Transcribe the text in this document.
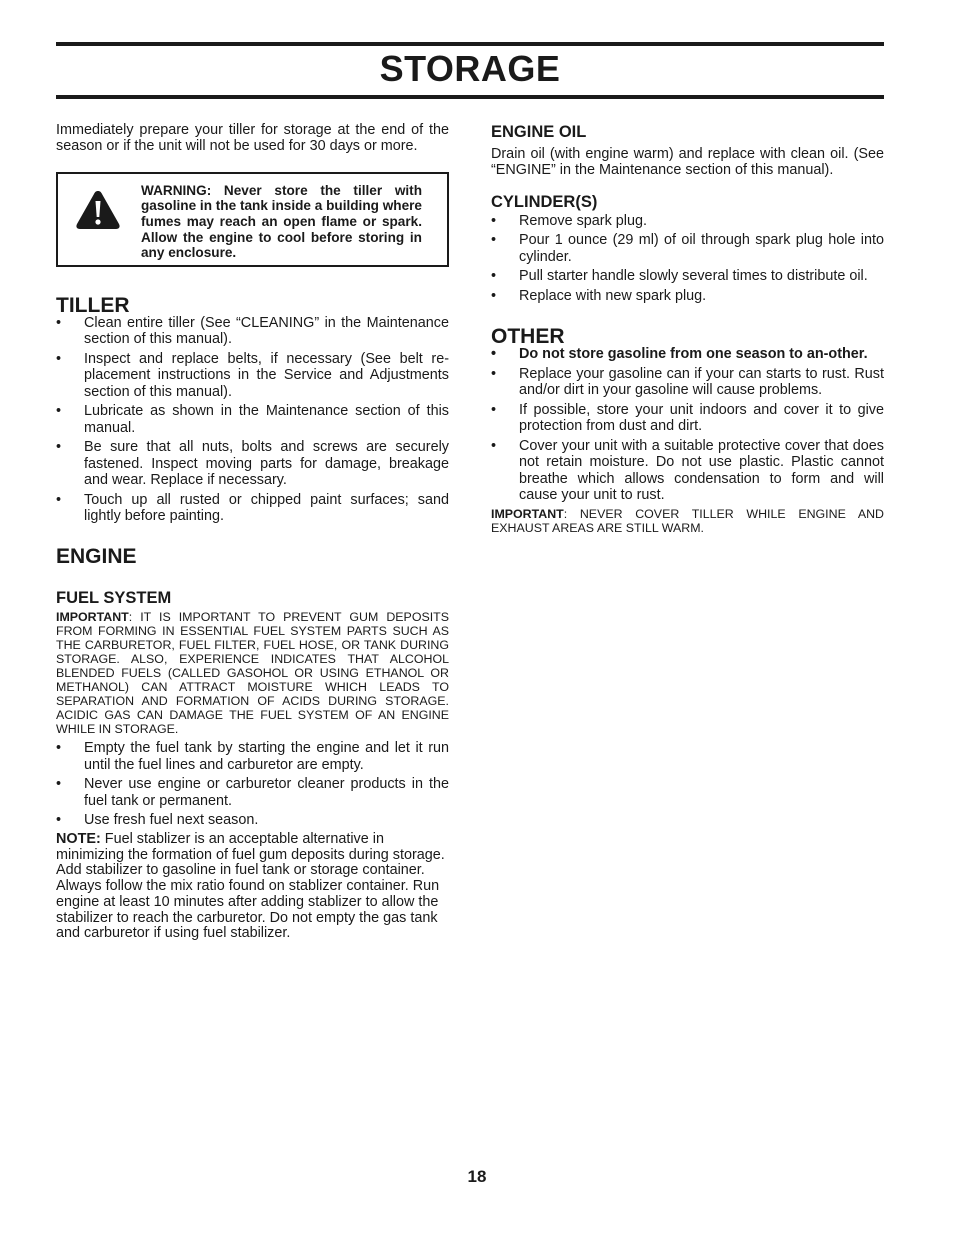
STORAGE

Immediately prepare your tiller for storage at the end of the season or if the unit will not be used for 30 days or more.

WARNING: Never store the tiller with gasoline in the tank inside a building where fumes may reach an open flame or spark. Allow the engine to cool before storing in any enclosure.

TILLER
• Clean entire tiller (See “CLEANING” in the Maintenance section of this manual).
• Inspect and replace belts, if necessary (See belt re-placement instructions in the Service and Adjustments section of this manual).
• Lubricate as shown in the Maintenance section of this manual.
• Be sure that all nuts, bolts and screws are securely fastened. Inspect moving parts for damage, breakage and wear. Replace if necessary.
• Touch up all rusted or chipped paint surfaces; sand lightly before painting.
ENGINE
FUEL SYSTEM

IMPORTANT: IT IS IMPORTANT TO PREVENT GUM DEPOSITS FROM FORMING IN ESSENTIAL FUEL SYSTEM PARTS SUCH AS THE CARBURETOR, FUEL FILTER, FUEL HOSE, OR TANK DURING STORAGE. ALSO, EXPERIENCE INDICATES THAT ALCOHOL BLENDED FUELS (CALLED GASOHOL OR USING ETHANOL OR METHANOL) CAN ATTRACT MOISTURE WHICH LEADS TO SEPARATION AND FORMATION OF ACIDS DURING STORAGE. ACIDIC GAS CAN DAMAGE THE FUEL SYSTEM OF AN ENGINE WHILE IN STORAGE.

• Empty the fuel tank by starting the engine and let it run until the fuel lines and carburetor are empty.
• Never use engine or carburetor cleaner products in the fuel tank or permanent.
• Use fresh fuel next season.

NOTE: Fuel stablizer is an acceptable alternative in minimizing the formation of fuel gum deposits during storage. Add stabilizer to gasoline in fuel tank or storage container. Always follow the mix ratio found on stablizer container. Run engine at least 10 minutes after adding stablizer to allow the stabilizer to reach the carburetor. Do not empty the gas tank and carburetor if using fuel stabilizer.

ENGINE OIL

Drain oil (with engine warm) and replace with clean oil. (See “ENGINE” in the Maintenance section of this manual).

CYLINDER(S)
• Remove spark plug.
• Pour 1 ounce (29 ml) of oil through spark plug hole into cylinder.
• Pull starter handle slowly several times to distribute oil.
• Replace with new spark plug.
OTHER
• Do not store gasoline from one season to an-other.
• Replace your gasoline can if your can starts to rust. Rust and/or dirt in your gasoline will cause problems.
• If possible, store your unit indoors and cover it to give protection from dust and dirt.
• Cover your unit with a suitable protective cover that does not retain moisture. Do not use plastic. Plastic cannot breathe which allows condensation to form and will cause your unit to rust.

IMPORTANT: NEVER COVER TILLER WHILE ENGINE AND EXHAUST AREAS ARE STILL WARM.

18
